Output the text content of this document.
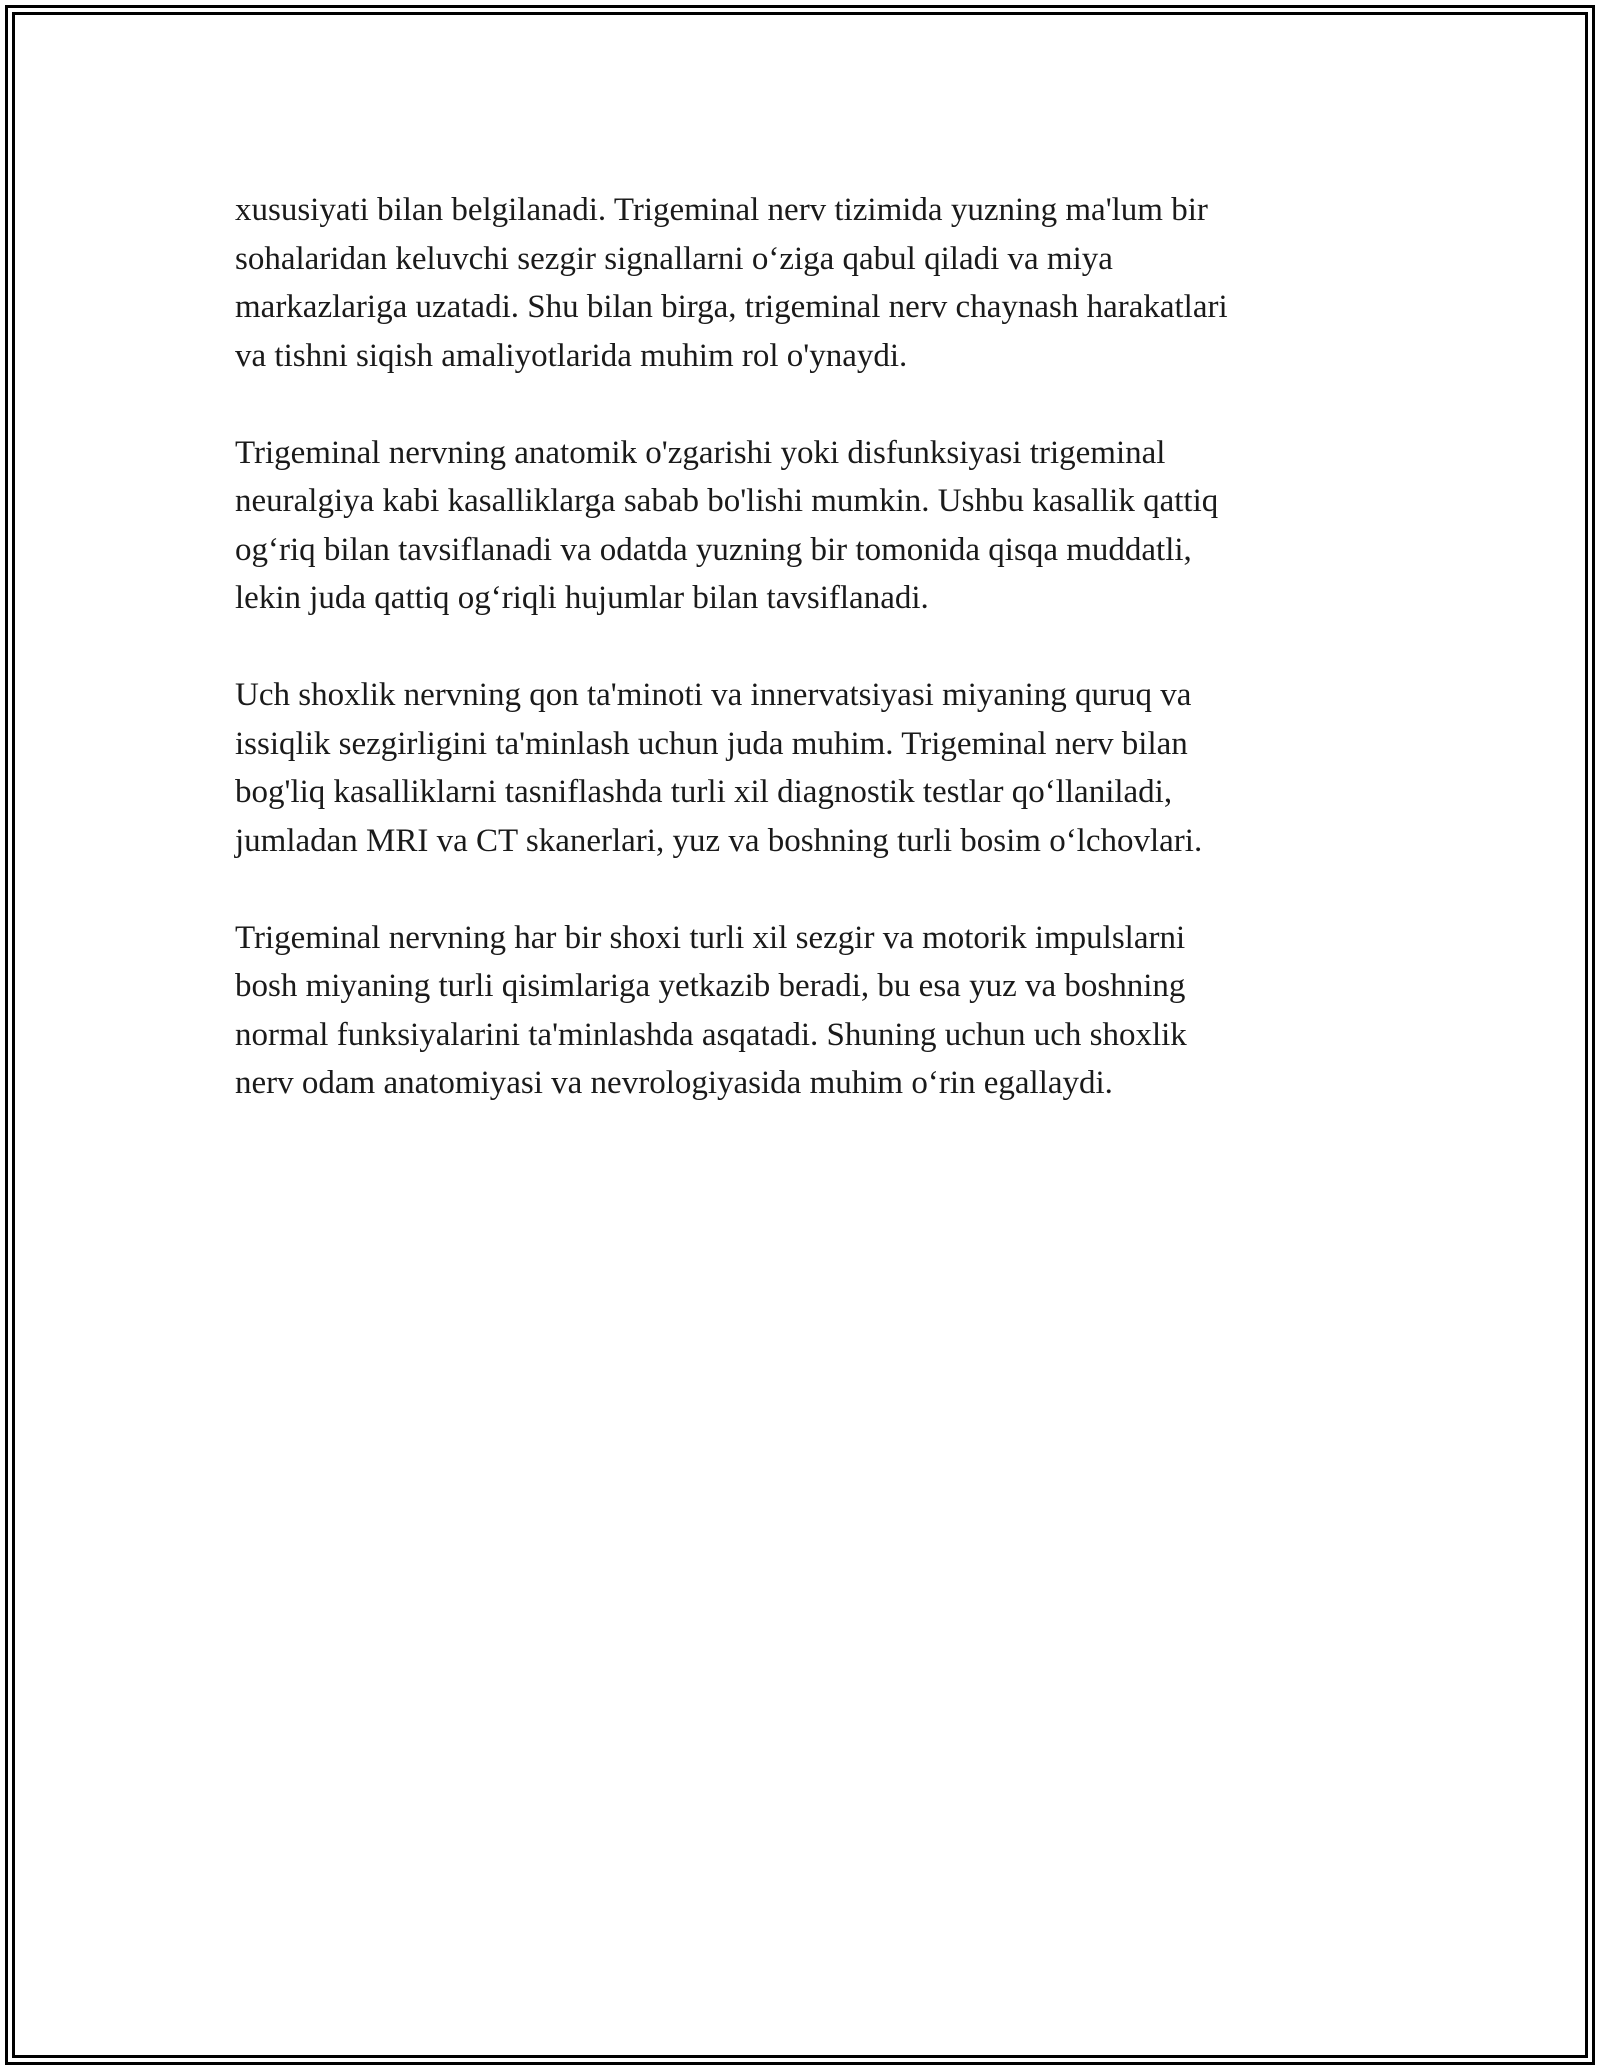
xususiyati bilan belgilanadi. Trigeminal nerv tizimida yuzning ma'lum bir
sohalaridan keluvchi sezgir signallarni o‘ziga qabul qiladi va miya
markazlariga uzatadi. Shu bilan birga, trigeminal nerv chaynash harakatlari
va tishni siqish amaliyotlarida muhim rol o'ynaydi.

Trigeminal nervning anatomik o'zgarishi yoki disfunksiyasi trigeminal
neuralgiya kabi kasalliklarga sabab bo'lishi mumkin. Ushbu kasallik qattiq
og‘riq bilan tavsiflanadi va odatda yuzning bir tomonida qisqa muddatli,
lekin juda qattiq og‘riqli hujumlar bilan tavsiflanadi.

Uch shoxlik nervning qon ta'minoti va innervatsiyasi miyaning quruq va
issiqlik sezgirligini ta'minlash uchun juda muhim. Trigeminal nerv bilan
bog'liq kasalliklarni tasniflashda turli xil diagnostik testlar qo‘llaniladi,
jumladan MRI va CT skanerlari, yuz va boshning turli bosim o‘lchovlari.

Trigeminal nervning har bir shoxi turli xil sezgir va motorik impulslarni
bosh miyaning turli qisimlariga yetkazib beradi, bu esa yuz va boshning
normal funksiyalarini ta'minlashda asqatadi. Shuning uchun uch shoxlik
nerv odam anatomiyasi va nevrologiyasida muhim o‘rin egallaydi.
